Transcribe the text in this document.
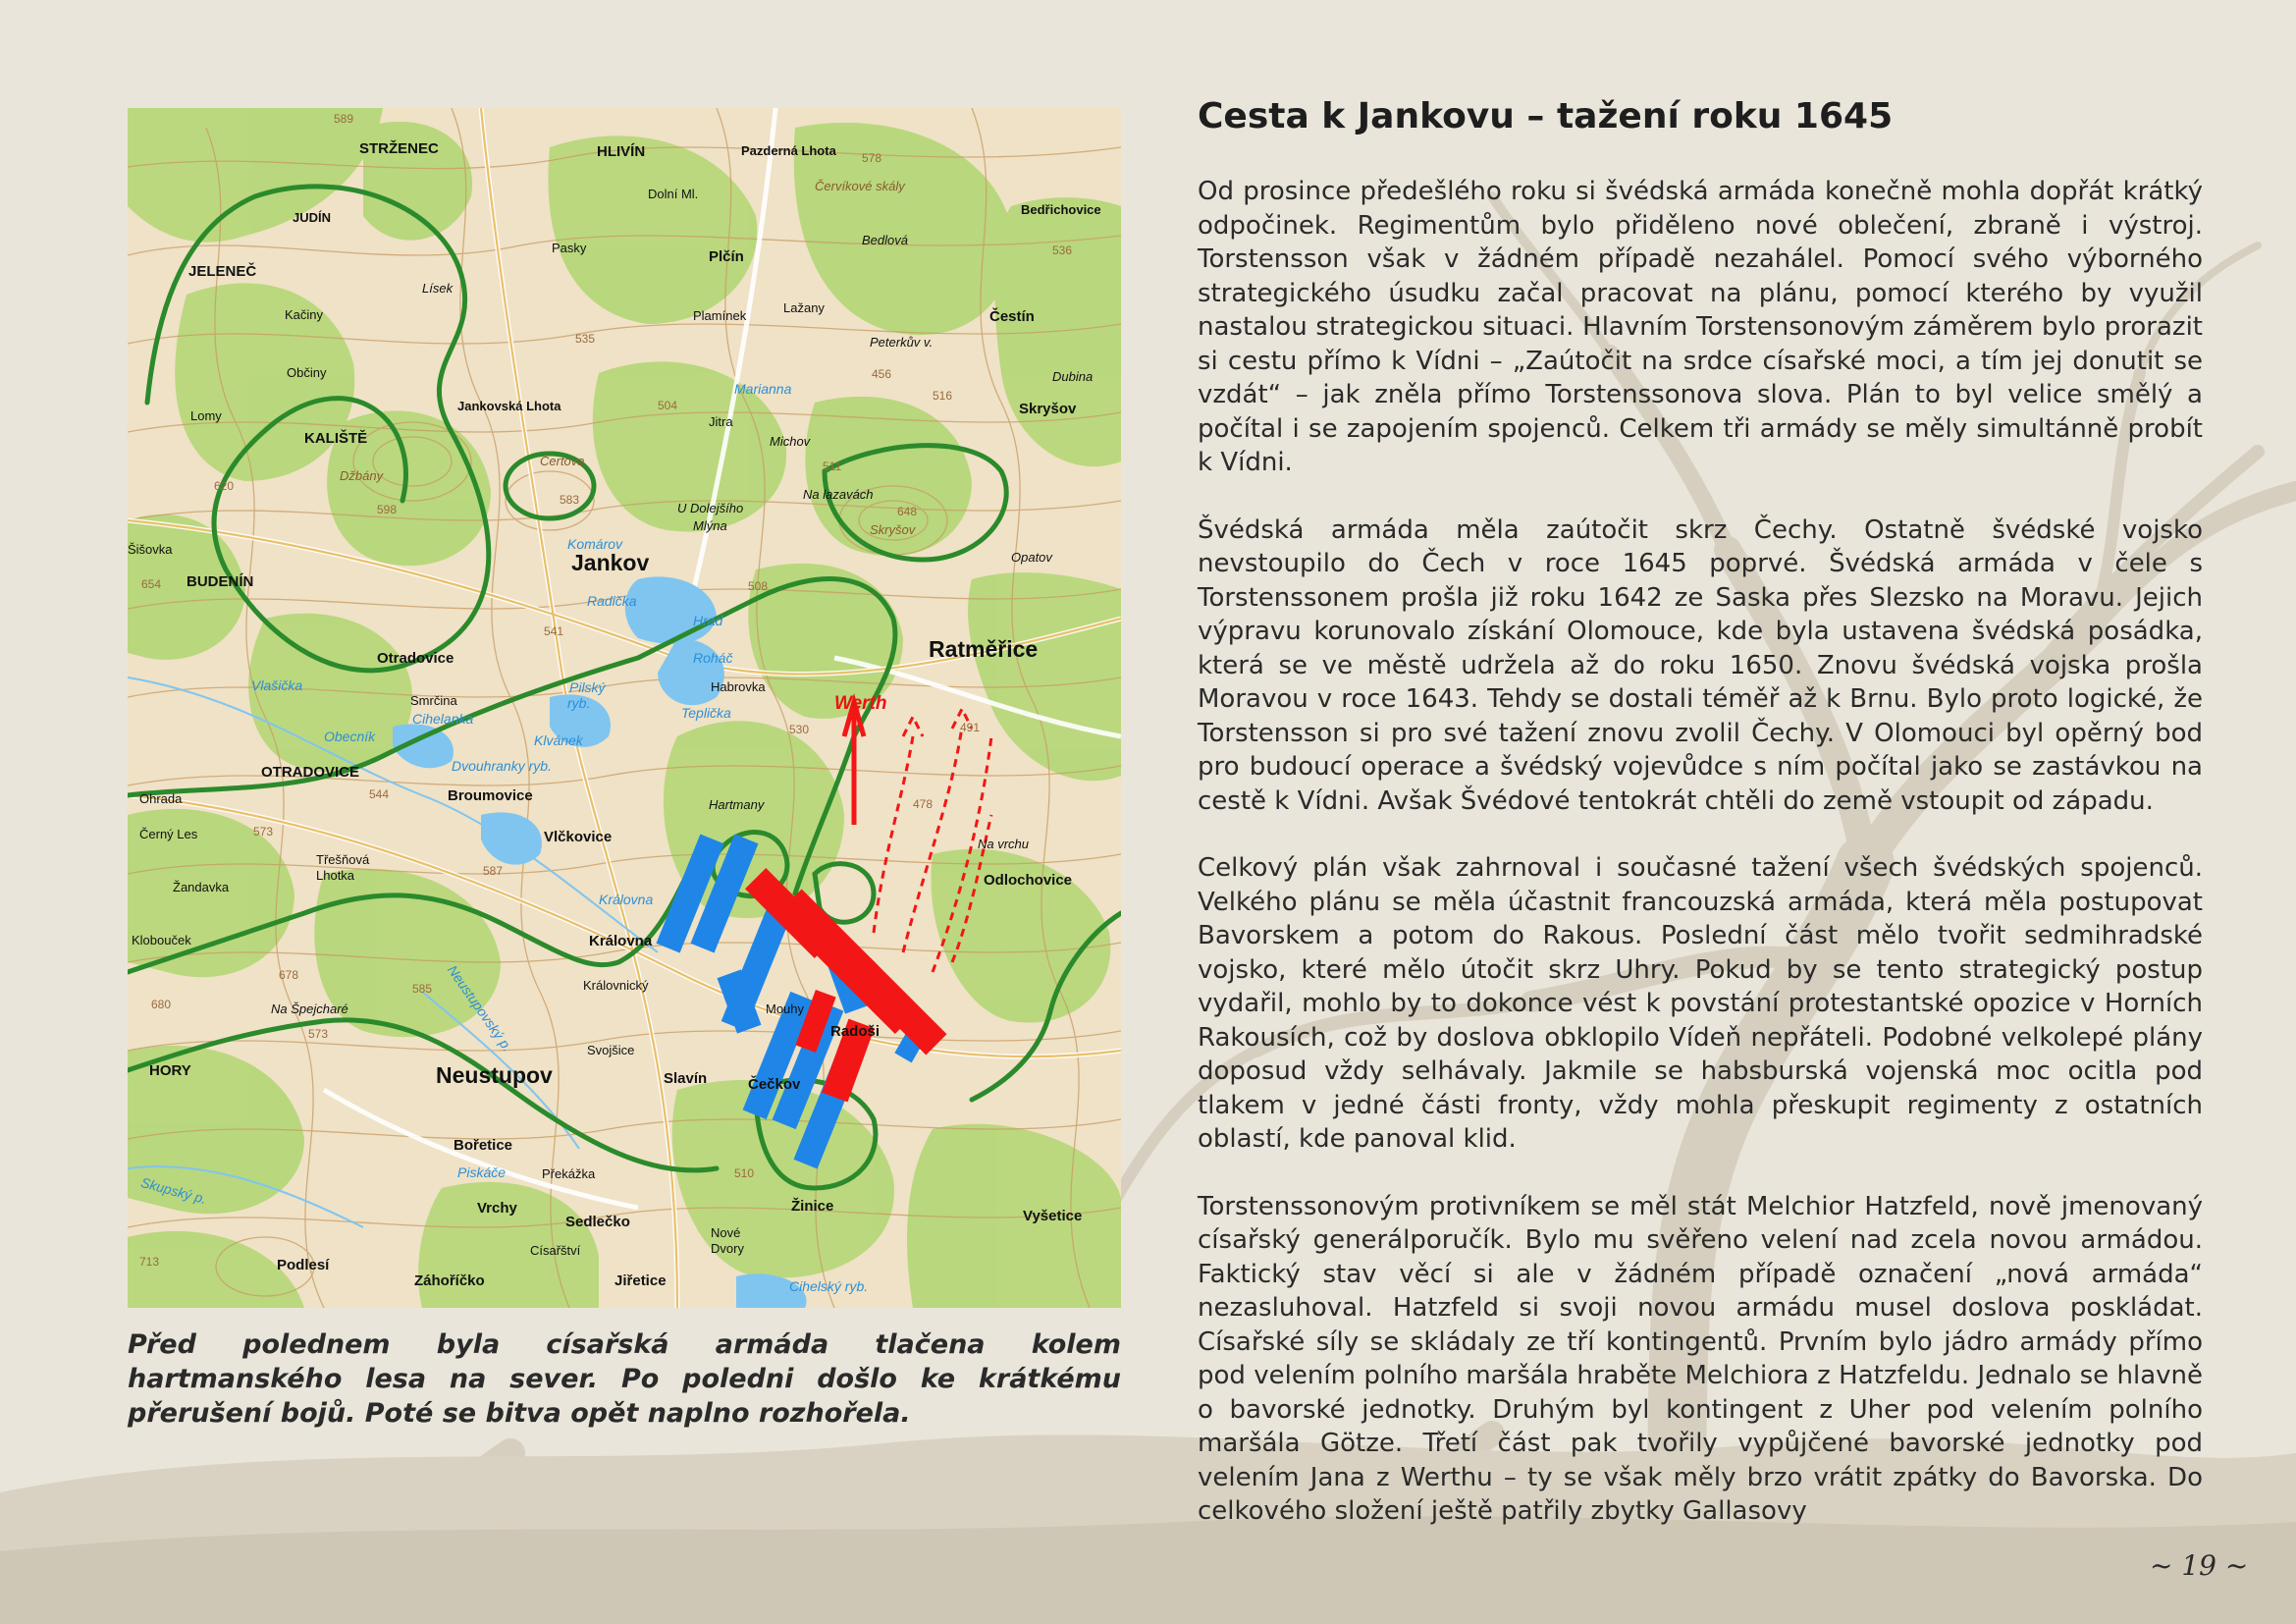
STRŽENEC	HLIVÍN	Pazderná Lhota
Dolní Ml.
Červíkové skály
Bedřichovice
JUDÍN
Pasky
Plčín
Bedlová
JELENEČ
Lísek
Plamínek
Lažany
Čestín
Kačiny
Občiny
Peterkův v.
Dubina
Lomy
Jankovská Lhota
Marianna
Jitra
Skryšov
KALIŠTĚ	Michov
Džbány
Čertova
Na lazavách
U Dolejšího
Mlýna	Skryšov
Komárov
Šišovka
Jankov	Opatov
BUDENÍN
Radička
Hrad
Ratměřice
Otradovice	Roháč
Habrovka
Smrčina
Vlašička
Cihelanka
Pilský
ryb.
Obecník	Klvánek
Teplička	Werth
OTRADOVICE	Dvouhranky ryb.
Broumovice
Hartmany
Ohrada
Černý Les	Vlčkovice	Na vrchu
Třešňová
Lhotka
Žandavka	Odlochovice
Královna
Klobouček	Královna
Neustupovský p.	Královnický
Na Špejcharé
Svojšice
Mouhy
Radoši
HORY	Neustupov	Slavín	Čečkov
Bořetice
Piskáče
Skupský p.
Překážka
Vrchy
Sedlečko
Žinice
Vyšetice
Nové
Dvory
Císařštví
Podlesí
Záhoříčko	Jiřetice	Cihelský ryb.
589
578
536
535
456
516
504
620
598
583
648
511
508
654
541
530	491
544
478
573
587
678
680
573
585
510
713
Před polednem byla císařská armáda tlačena kolem hartmanského lesa na sever. Po poledni došlo ke krátkému přerušení bojů. Poté se bitva opět naplno rozhořela.
Cesta k Jankovu – tažení roku 1645

Od prosince předešlého roku si švédská armáda konečně mohla dopřát krátký odpočinek. Regimentům bylo přiděleno nové oblečení, zbraně i výstroj. Torstensson však v žádném případě nezahálel. Pomocí svého výborného strategického úsudku začal pracovat na plánu, pomocí kterého by využil nastalou strategickou situaci. Hlavním Torstensonovým záměrem bylo prorazit si cestu přímo k Vídni – „Zaútočit na srdce císařské moci, a tím jej donutit se vzdát“ – jak zněla přímo Torstenssonova slova. Plán to byl velice smělý a počítal i se zapojením spojenců. Celkem tři armády se měly simultánně probít k Vídni.

Švédská armáda měla zaútočit skrz Čechy. Ostatně švédské vojsko nevstoupilo do Čech v roce 1645 poprvé. Švédská armáda v čele s Torstenssonem prošla již roku 1642 ze Saska přes Slezsko na Moravu. Jejich výpravu korunovalo získání Olomouce, kde byla ustavena švédská posádka, která se ve městě udržela až do roku 1650. Znovu švédská vojska prošla Moravou v roce 1643. Tehdy se dostali téměř až k Brnu. Bylo proto logické, že Torstensson si pro své tažení znovu zvolil Čechy. V Olomouci byl opěrný bod pro budoucí operace a švédský vojevůdce s ním počítal jako se zastávkou na cestě k Vídni. Avšak Švédové tentokrát chtěli do země vstoupit od západu.

Celkový plán však zahrnoval i současné tažení všech švédských spojenců. Velkého plánu se měla účastnit francouzská armáda, která měla postupovat Bavorskem a potom do Rakous. Poslední část mělo tvořit sedmihradské vojsko, které mělo útočit skrz Uhry. Pokud by se tento strategický postup vydařil, mohlo by to dokonce vést k povstání protestantské opozice v Horních Rakousích, což by doslova obklopilo Vídeň nepřáteli. Podobné velkolepé plány doposud vždy selhávaly. Jakmile se habsburská vojenská moc ocitla pod tlakem v jedné části fronty, vždy mohla přeskupit regimenty z ostatních oblastí, kde panoval klid.

Torstenssonovým protivníkem se měl stát Melchior Hatzfeld, nově jmenovaný císařský generálporučík. Bylo mu svěřeno velení nad zcela novou armádou. Faktický stav věcí si ale v žádném případě označení „nová armáda“ nezasluhoval. Hatzfeld si svoji novou armádu musel doslova poskládat. Císařské síly se skládaly ze tří kontingentů. Prvním bylo jádro armády přímo pod velením polního maršála hraběte Melchiora z Hatzfeldu. Jednalo se hlavně o bavorské jednotky. Druhým byl kontingent z Uher pod velením polního maršála Götze. Třetí část pak tvořily vypůjčené bavorské jednotky pod velením Jana z Werthu – ty se však měly brzo vrátit zpátky do Bavorska. Do celkového složení ještě patřily zbytky Gallasovy

~ 19 ~
